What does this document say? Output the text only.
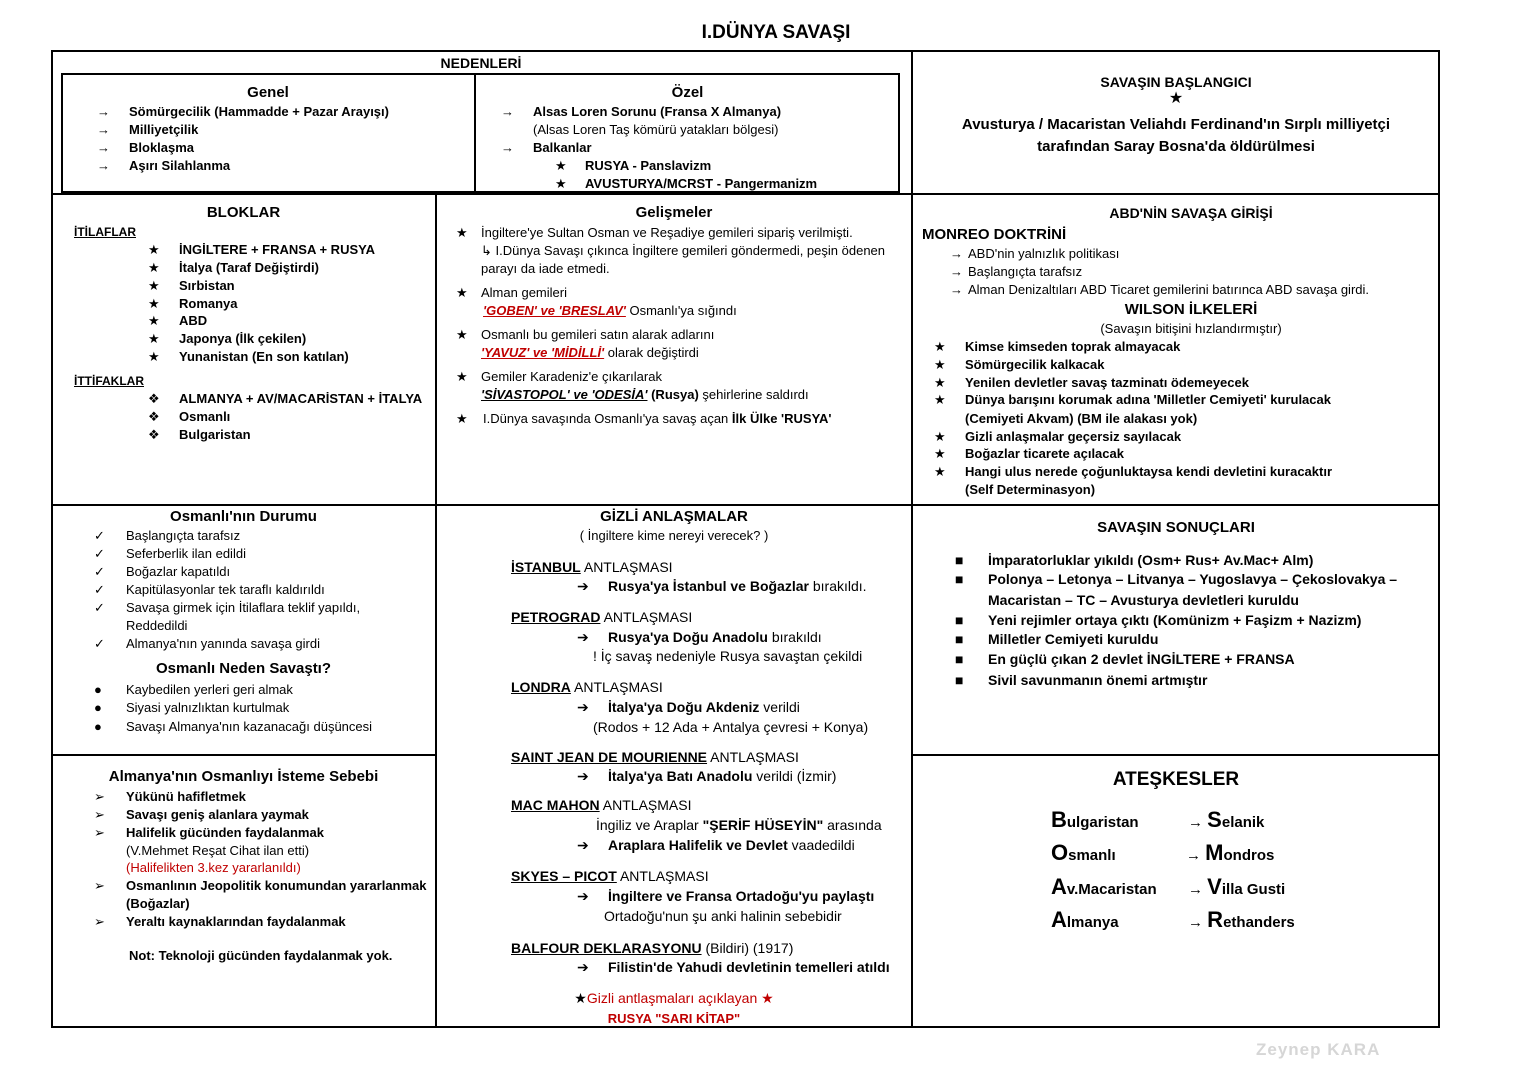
I.DÜNYA SAVAŞI
NEDENLERİ
Genel
→ Sömürgecilik (Hammadde + Pazar Arayışı)
→ Milliyetçilik
→ Bloklaşma
→ Aşırı Silahlanma
Özel
→ Alsas Loren Sorunu (Fransa X Almanya)
(Alsas Loren Taş kömürü yatakları bölgesi)
→ Balkanlar
★ RUSYA - Panslavizm
★ AVUSTURYA/MCRST - Pangermanizm
SAVAŞIN BAŞLANGICI
★
Avusturya / Macaristan Veliahdı Ferdinand'ın Sırplı milliyetçi
tarafından Saray Bosna'da öldürülmesi
BLOKLAR
İTİLAFLAR
★ İNGİLTERE + FRANSA + RUSYA
★ İtalya (Taraf Değiştirdi)
★ Sırbistan
★ Romanya
★ ABD
★ Japonya (İlk çekilen)
★ Yunanistan (En son katılan)
İTTİFAKLAR
❖ ALMANYA + AV/MACARİSTAN + İTALYA
❖ Osmanlı
❖ Bulgaristan
Gelişmeler
★ İngiltere'ye Sultan Osman ve Reşadiye gemileri sipariş verilmişti.
↳ I.Dünya Savaşı çıkınca İngiltere gemileri göndermedi, peşin ödenen
parayı da iade etmedi.
★ Alman gemileri
'GOBEN' ve 'BRESLAV' Osmanlı'ya sığındı
★ Osmanlı bu gemileri satın alarak adlarını
'YAVUZ' ve 'MİDİLLİ' olarak değiştirdi
★ Gemiler Karadeniz'e çıkarılarak
'SİVASTOPOL' ve 'ODESİA' (Rusya) şehirlerine saldırdı
★ I.Dünya savaşında Osmanlı'ya savaş açan İlk Ülke 'RUSYA'
ABD'NİN SAVAŞA GİRİŞİ
MONREO DOKTRİNİ
→ ABD'nin yalnızlık politikası
→ Başlangıçta tarafsız
→ Alman Denizaltıları ABD Ticaret gemilerini batırınca ABD savaşa girdi.
WILSON İLKELERİ
(Savaşın bitişini hızlandırmıştır)
★ Kimse kimseden toprak almayacak
★ Sömürgecilik kalkacak
★ Yenilen devletler savaş tazminatı ödemeyecek
★ Dünya barışını korumak adına 'Milletler Cemiyeti' kurulacak
(Cemiyeti Akvam) (BM ile alakası yok)
★ Gizli anlaşmalar geçersiz sayılacak
★ Boğazlar ticarete açılacak
★ Hangi ulus nerede çoğunluktaysa kendi devletini kuracaktır
(Self Determinasyon)
Osmanlı'nın Durumu
✓ Başlangıçta tarafsız
✓ Seferberlik ilan edildi
✓ Boğazlar kapatıldı
✓ Kapitülasyonlar tek taraflı kaldırıldı
✓ Savaşa girmek için İtilaflara teklif yapıldı,
Reddedildi
✓ Almanya'nın yanında savaşa girdi
Osmanlı Neden Savaştı?
● Kaybedilen yerleri geri almak
● Siyasi yalnızlıktan kurtulmak
● Savaşı Almanya'nın kazanacağı düşüncesi
Almanya'nın Osmanlıyı İsteme Sebebi
➢ Yükünü hafifletmek
➢ Savaşı geniş alanlara yaymak
➢ Halifelik gücünden faydalanmak
(V.Mehmet Reşat Cihat ilan etti)
(Halifelikten 3.kez yararlanıldı)
➢ Osmanlının Jeopolitik konumundan yararlanmak
(Boğazlar)
➢ Yeraltı kaynaklarından faydalanmak
Not: Teknoloji gücünden faydalanmak yok.
GİZLİ ANLAŞMALAR
( İngiltere kime nereyi verecek? )
İSTANBUL ANTLAŞMASI
➔ Rusya'ya İstanbul ve Boğazlar bırakıldı.
PETROGRAD ANTLAŞMASI
➔ Rusya'ya Doğu Anadolu bırakıldı
! İç savaş nedeniyle Rusya savaştan çekildi
LONDRA ANTLAŞMASI
➔ İtalya'ya Doğu Akdeniz verildi
(Rodos + 12 Ada + Antalya çevresi + Konya)
SAINT JEAN DE MOURIENNE ANTLAŞMASI
➔ İtalya'ya Batı Anadolu verildi (İzmir)
MAC MAHON ANTLAŞMASI
İngiliz ve Araplar "ŞERİF HÜSEYİN" arasında
➔ Araplara Halifelik ve Devlet vaadedildi
SKYES – PICOT ANTLAŞMASI
➔ İngiltere ve Fransa Ortadoğu'yu paylaştı
Ortadoğu'nun şu anki halinin sebebidir
BALFOUR DEKLARASYONU (Bildiri) (1917)
➔ Filistin'de Yahudi devletinin temelleri atıldı
★Gizli antlaşmaları açıklayan ★
RUSYA "SARI KİTAP"
SAVAŞIN SONUÇLARI
■ İmparatorluklar yıkıldı (Osm+ Rus+ Av.Mac+ Alm)
■ Polonya – Letonya – Litvanya – Yugoslavya – Çekoslovakya –
Macaristan – TC – Avusturya devletleri kuruldu
■ Yeni rejimler ortaya çıktı (Komünizm + Faşizm + Nazizm)
■ Milletler Cemiyeti kuruldu
■ En güçlü çıkan 2 devlet İNGİLTERE + FRANSA
■ Sivil savunmanın önemi artmıştır
ATEŞKESLER
Bulgaristan	→ Selanik
Osmanlı	→ Mondros
Av.Macaristan → Villa Gusti
Almanya	→ Rethanders
Zeynep KARA
